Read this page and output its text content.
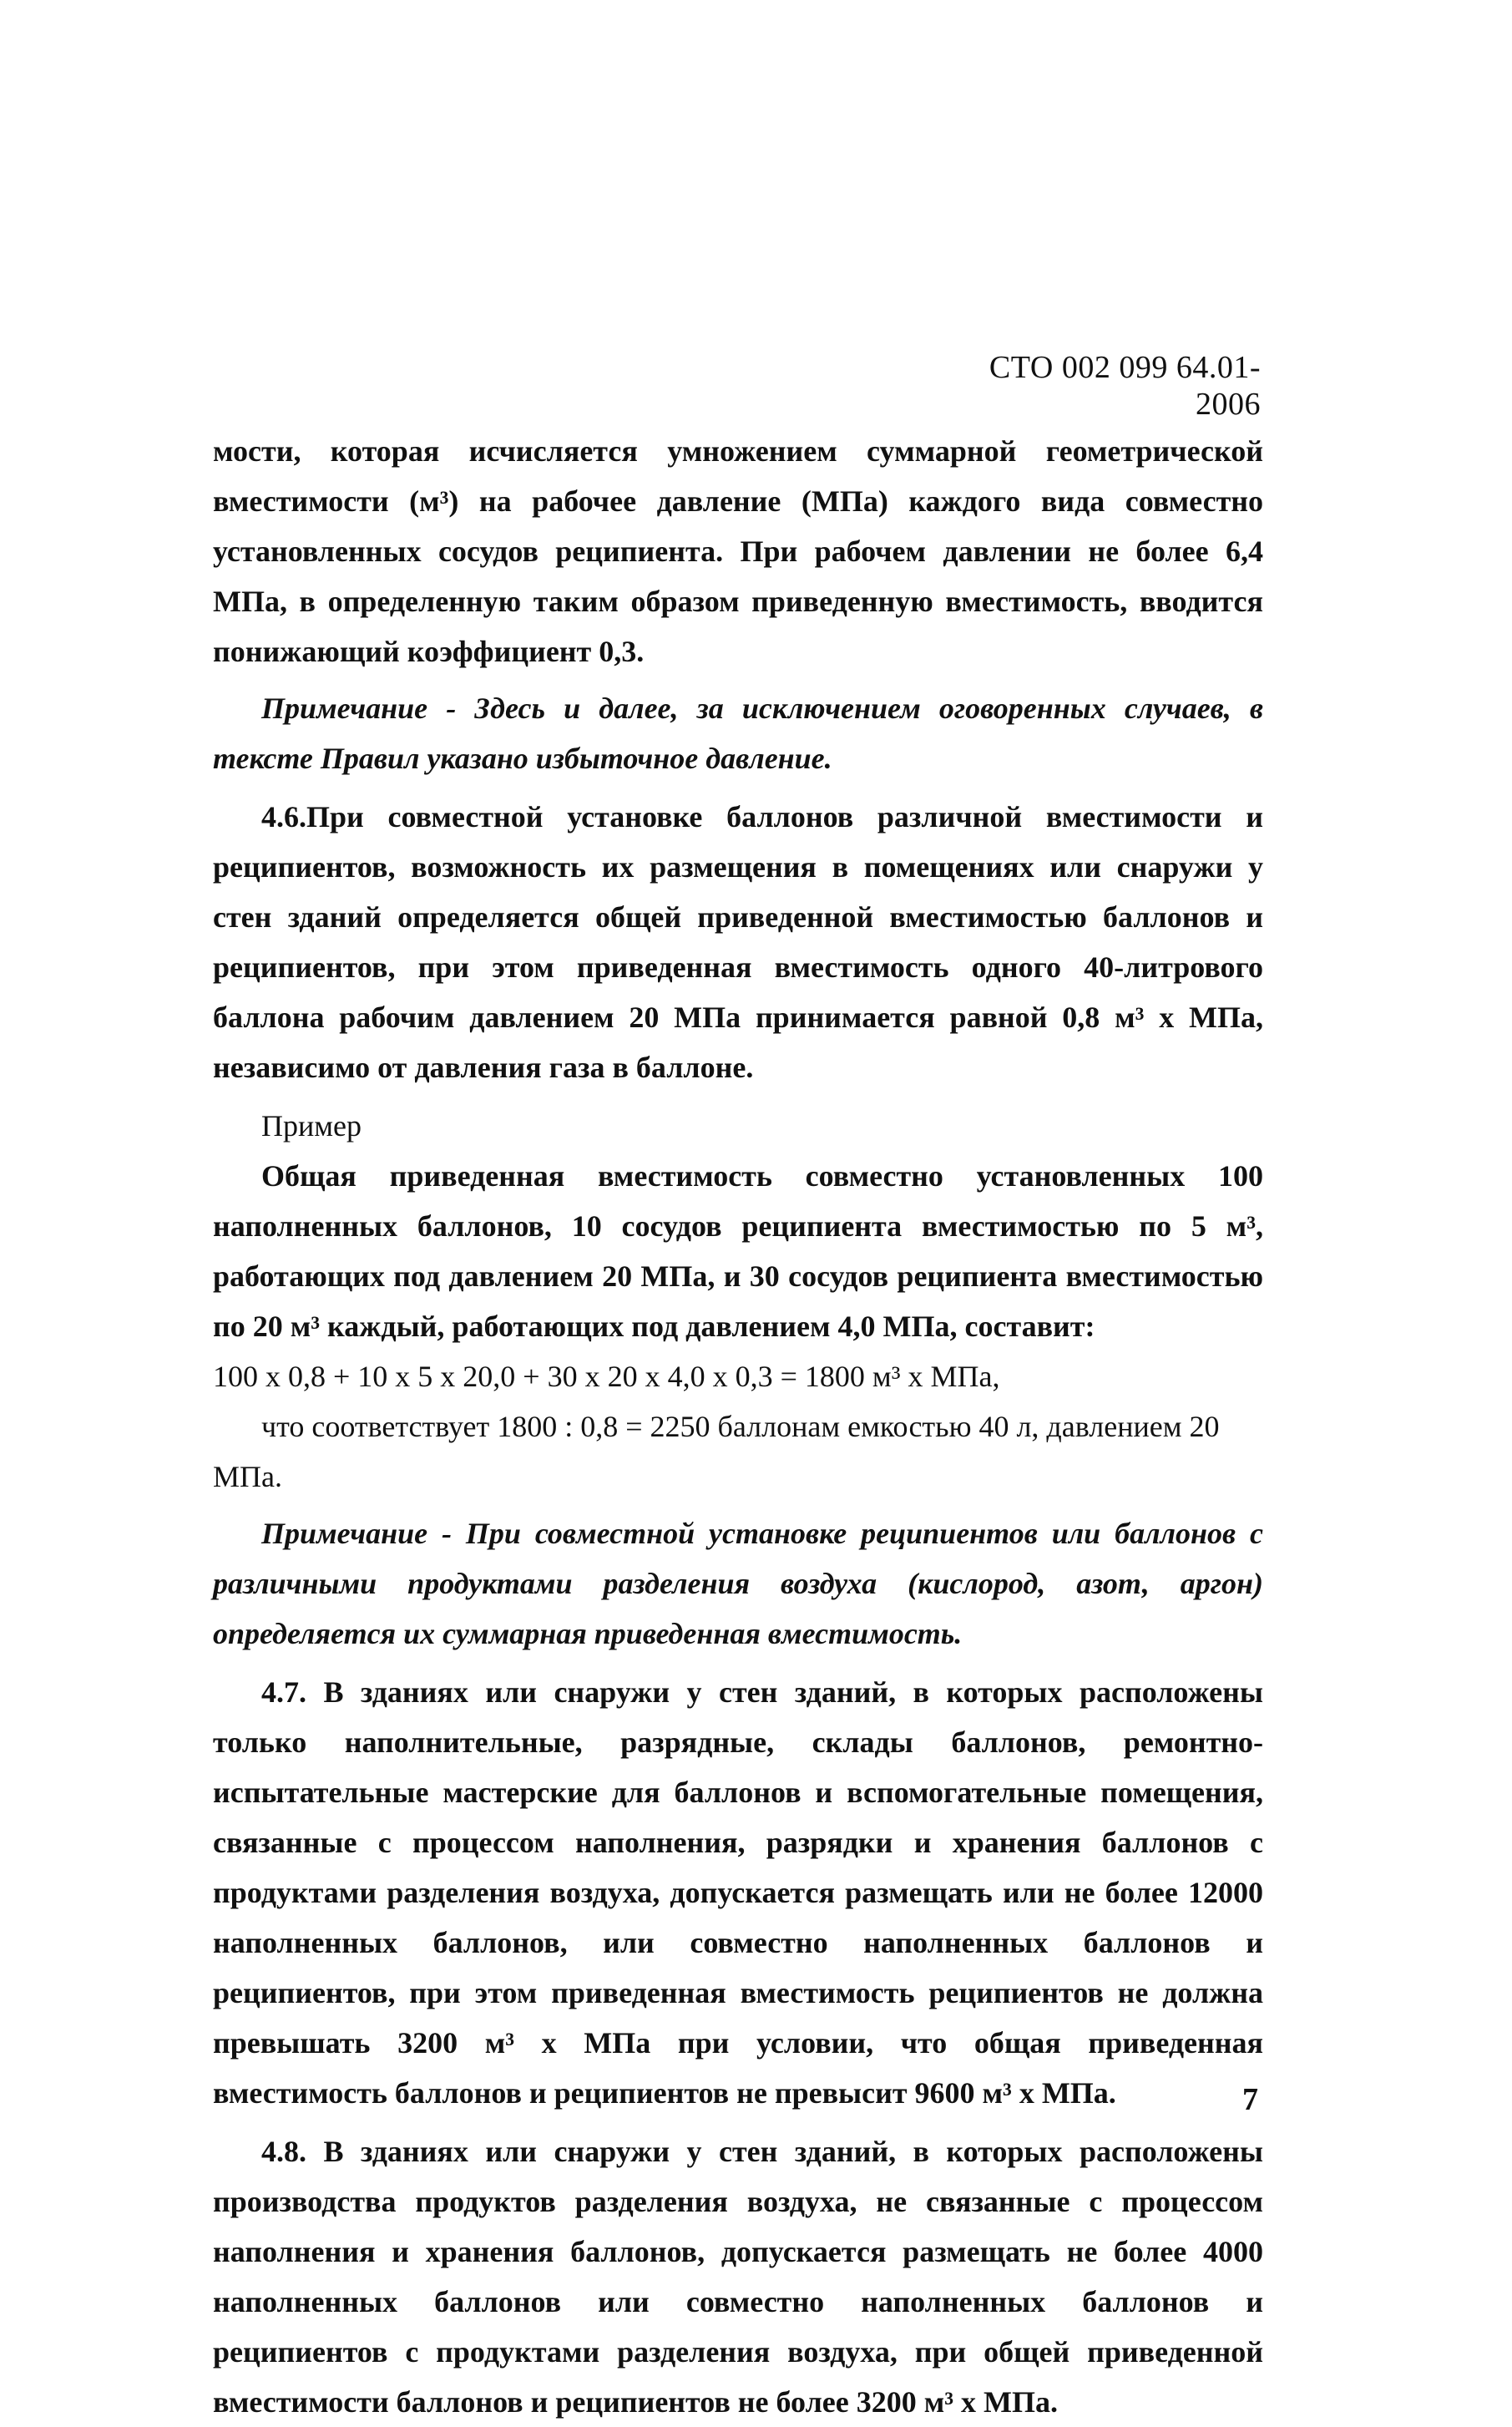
СТО 002 099 64.01-2006

мости, которая исчисляется умножением суммарной геометрической вместимости (м³) на рабочее давление (МПа) каждого вида совместно установленных сосудов реципиента. При рабочем давлении не более 6,4 МПа, в определенную таким образом приведенную вместимость, вводится понижающий коэффициент 0,3.

Примечание - Здесь и далее, за исключением оговоренных случаев, в тексте Правил указано избыточное давление.

4.6.При совместной установке баллонов различной вместимости и реципиентов, возможность их размещения в помещениях или снаружи у стен зданий определяется общей приведенной вместимостью баллонов и реципиентов, при этом приведенная вместимость одного 40-литрового баллона рабочим давлением 20 МПа принимается равной 0,8 м³ х МПа, независимо от давления газа в баллоне.

Пример

Общая приведенная вместимость совместно установленных 100 наполненных баллонов, 10 сосудов реципиента вместимостью по 5 м³, работающих под давлением 20 МПа, и 30 сосудов реципиента вместимостью по 20 м³ каждый, работающих под давлением 4,0 МПа, составит:

100 х 0,8 + 10 х 5 х 20,0 + 30 х 20 х 4,0 х 0,3 = 1800 м³ х МПа,

что соответствует 1800 : 0,8 = 2250 баллонам емкостью 40 л, давлением 20 МПа.

Примечание - При совместной установке реципиентов или баллонов с различными продуктами разделения воздуха (кислород, азот, аргон) определяется их суммарная приведенная вместимость.

4.7. В зданиях или снаружи у стен зданий, в которых расположены только наполнительные, разрядные, склады баллонов, ремонтно-испытательные мастерские для баллонов и вспомогательные помещения, связанные с процессом наполнения, разрядки и хранения баллонов с продуктами разделения воздуха, допускается размещать или не более 12000 наполненных баллонов, или совместно наполненных баллонов и реципиентов, при этом приведенная вместимость реципиентов не должна превышать 3200 м³ х МПа при условии, что общая приведенная вместимость баллонов и реципиентов не превысит 9600 м³ х МПа.

4.8. В зданиях или снаружи у стен зданий, в которых расположены производства продуктов разделения воздуха, не связанные с процессом наполнения и хранения баллонов, допускается размещать не более 4000 наполненных баллонов или совместно наполненных баллонов и реципиентов с продуктами разделения воздуха, при общей приведенной вместимости баллонов и реципиентов не более 3200 м³ х МПа.

7
